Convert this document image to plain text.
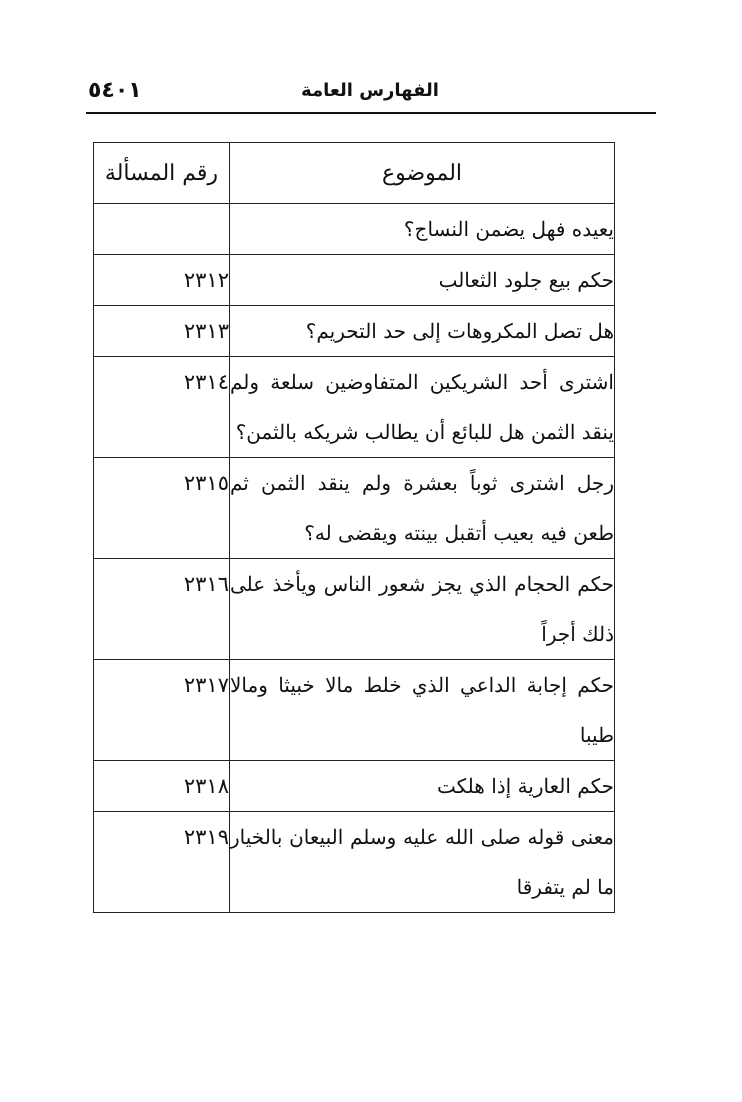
٥٤٠١	الفهارس العامة
الموضوع	رقم المسألة
يعيده فهل يضمن النساج؟	
حكم بيع جلود الثعالب	٢٣١٢
هل تصل المكروهات إلى حد التحريم؟	٢٣١٣
اشترى أحد الشريكين المتفاوضين سلعة ولم ينقد الثمن هل للبائع أن يطالب شريكه بالثمن؟	٢٣١٤
رجل اشترى ثوباً بعشرة ولم ينقد الثمن ثم طعن فيه بعيب أتقبل بينته ويقضى له؟	٢٣١٥
حكم الحجام الذي يجز شعور الناس ويأخذ على ذلك أجراً	٢٣١٦
حكم إجابة الداعي الذي خلط مالا خبيثا ومالا طيبا	٢٣١٧
حكم العارية إذا هلكت	٢٣١٨
معنى قوله صلى الله عليه وسلم البيعان بالخيار ما لم يتفرقا	٢٣١٩
